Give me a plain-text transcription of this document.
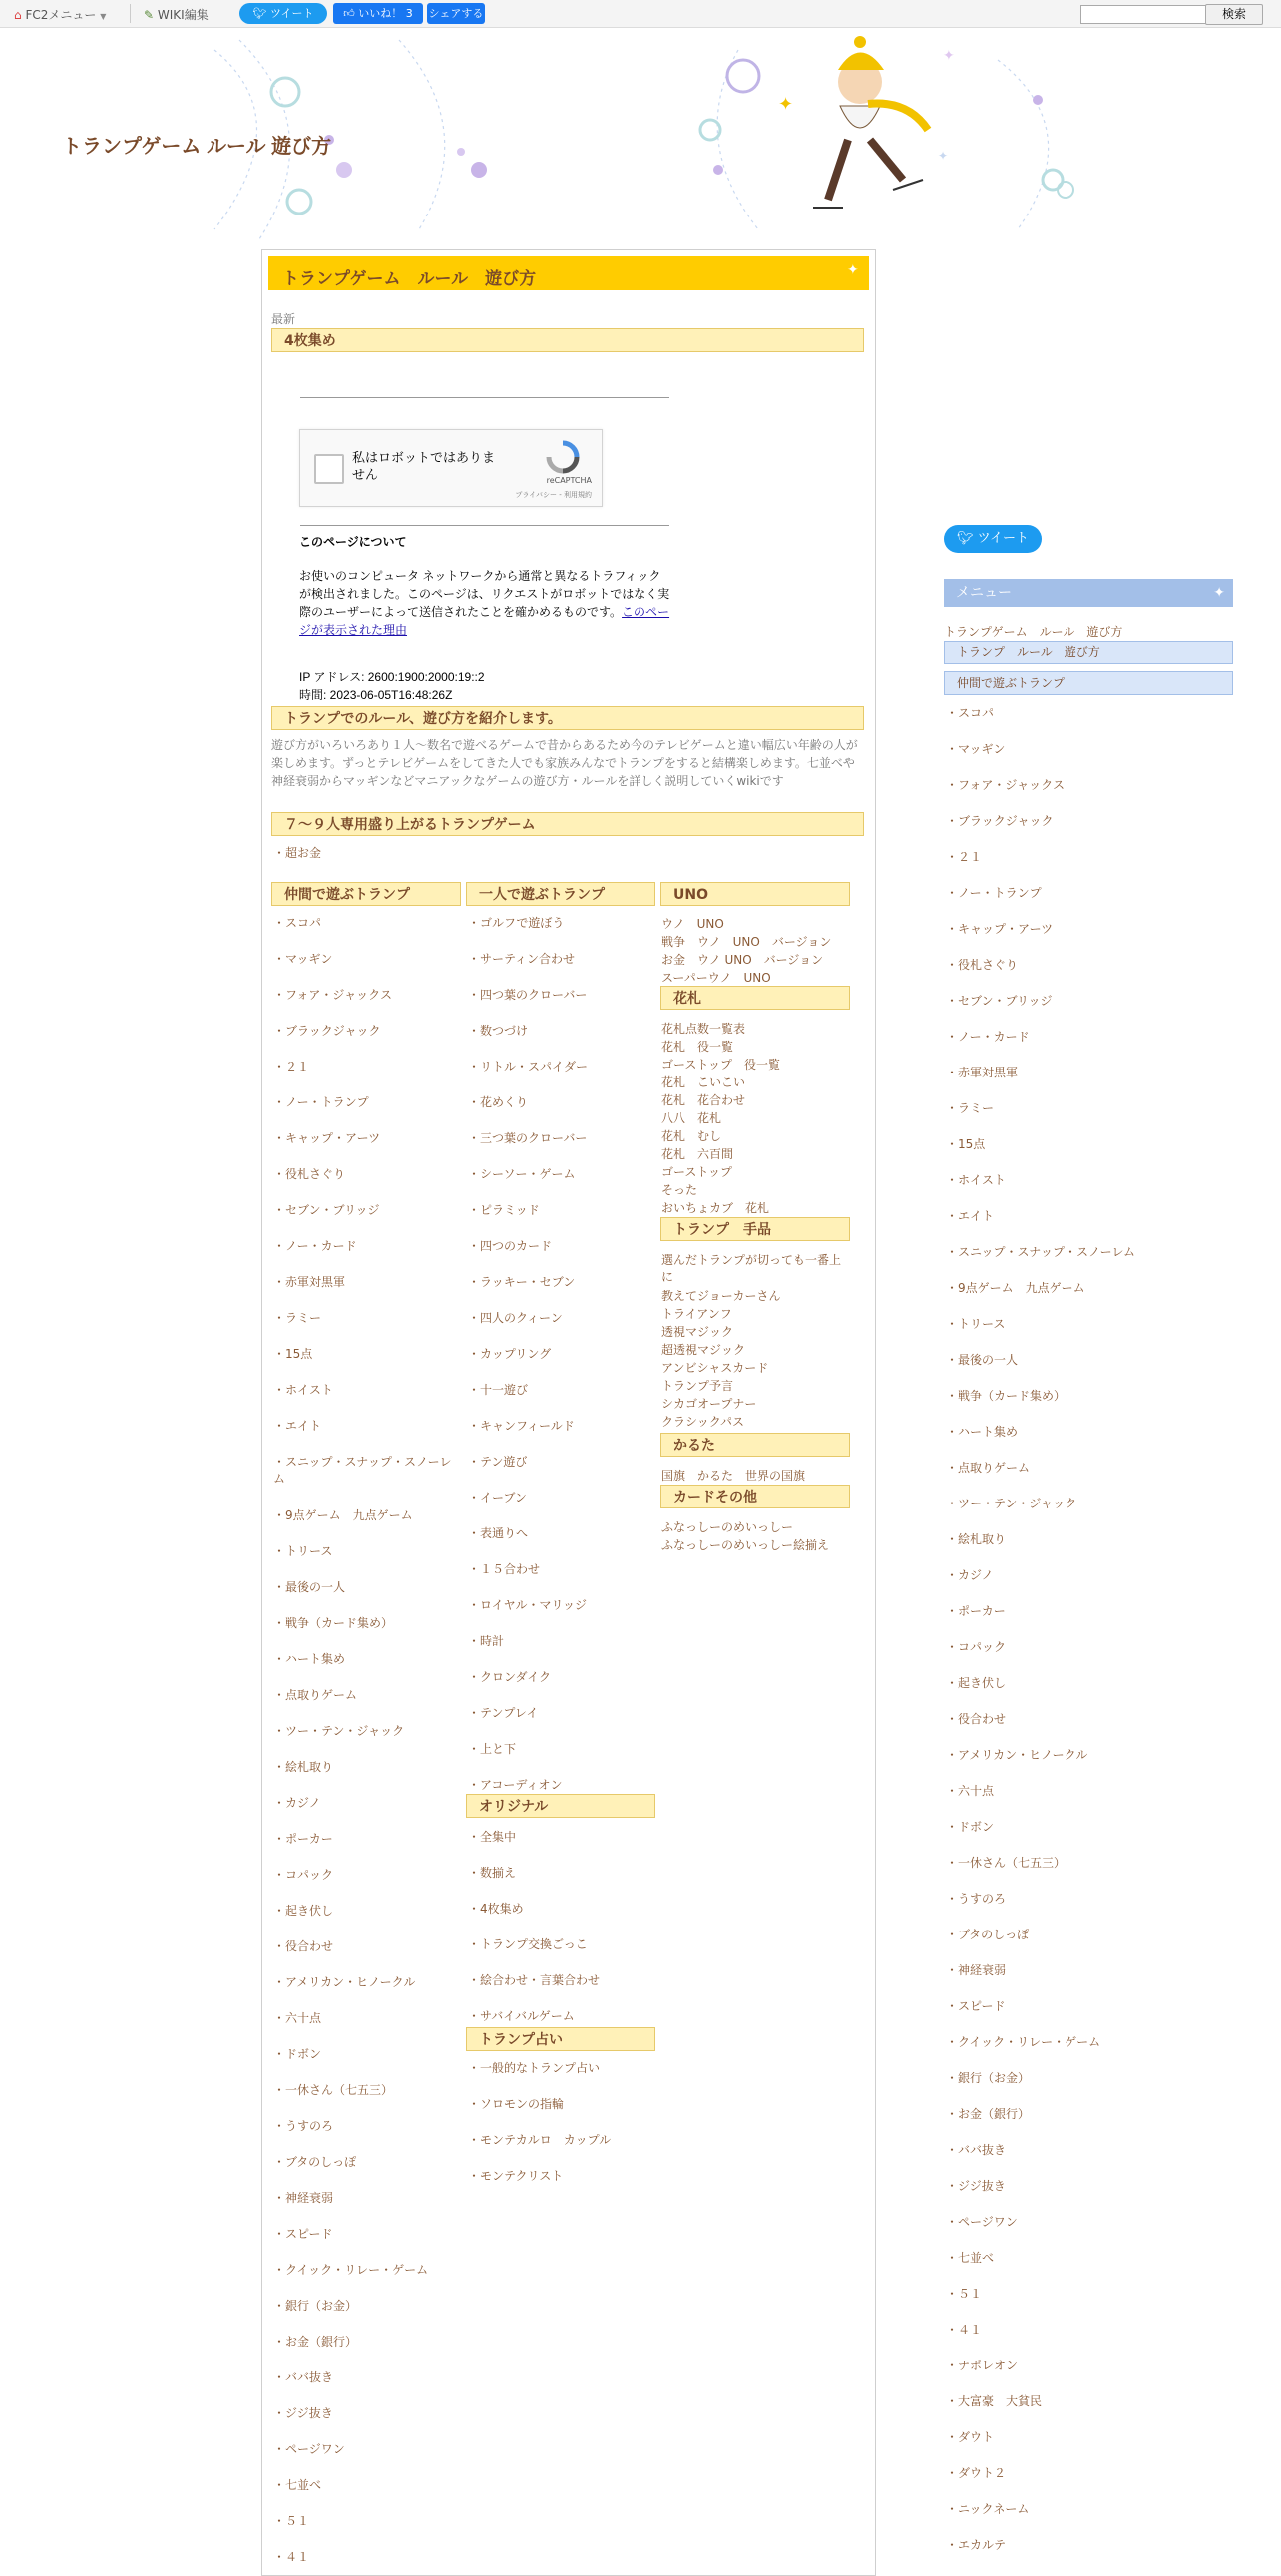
⌂ FC2メニュー ▼	✎ WIKI編集	🐦︎ ツイート	👍︎ いいね！ 3	シェアする	検索
✦
✦
✦
トランプゲーム ルール 遊び方
トランプゲーム　ルール　遊び方	✦
最新
4枚集め
私はロボットではありません	reCAPTCHA
プライバシー - 利用規約
このページについて
お使いのコンピュータ ネットワークから通常と異なるトラフィックが検出されました。このページは、リクエストがロボットではなく実際のユーザーによって送信されたことを確かめるものです。このページが表示された理由
IP アドレス: 2600:1900:2000:19::2
時間: 2023-06-05T16:48:26Z
トランプでのルール、遊び方を紹介します。
遊び方がいろいろあり１人～数名で遊べるゲームで昔からあるため今のテレビゲームと違い幅広い年齢の人が楽しめます。ずっとテレビゲームをしてきた人でも家族みんなでトランプをすると結構楽しめます。七並べや神経衰弱からマッギンなどマニアックなゲームの遊び方・ルールを詳しく説明していくwikiです
７～９人専用盛り上がるトランプゲーム
・超お金
仲間で遊ぶトランプ	一人で遊ぶトランプ	UNO
・スコパ
・マッギン
・フォア・ジャックス
・ブラックジャック
・２１
・ノー・トランプ
・キャップ・アーツ
・役札さぐり
・セブン・ブリッジ
・ノー・カード
・赤軍対黒軍
・ラミー
・15点
・ホイスト
・エイト
・スニップ・スナップ・スノーレム
・9点ゲーム　九点ゲーム
・トリース
・最後の一人
・戦争（カード集め）
・ハート集め
・点取りゲーム
・ツー・テン・ジャック
・絵札取り
・カジノ
・ポーカー
・コパック
・起き伏し
・役合わせ
・アメリカン・ヒノークル
・六十点
・ドボン
・一休さん（七五三）
・うすのろ
・ブタのしっぽ
・神経衰弱
・スピード
・クイック・リレー・ゲーム
・銀行（お金）
・お金（銀行）
・ババ抜き
・ジジ抜き
・ページワン
・七並べ
・５１
・４１
・ゴルフで遊ぼう
・サーティン合わせ
・四つ葉のクローバー
・数つづけ
・リトル・スパイダー
・花めくり
・三つ葉のクローバー
・シーソー・ゲーム
・ピラミッド
・四つのカード
・ラッキー・セブン
・四人のクィーン
・カップリング
・十一遊び
・キャンフィールド
・テン遊び
・イーブン
・表通りへ
・１５合わせ
・ロイヤル・マリッジ
・時計
・クロンダイク
・テンプレイ
・上と下
・アコーディオン
オリジナル
・全集中
・数揃え
・4枚集め
・トランプ交換ごっこ
・絵合わせ・言葉合わせ
・サバイバルゲーム
トランプ占い
・一般的なトランプ占い
・ソロモンの指輪
・モンテカルロ　カップル
・モンテクリスト
ウノ　UNO
戦争　ウノ　UNO　バージョン
お金　ウノ UNO　バージョン
スーパーウノ　UNO
花札
花札点数一覧表
花札　役一覧
ゴーストップ　役一覧
花札　こいこい
花札　花合わせ
八八　花札
花札　むし
花札　六百間
ゴーストップ
そった
おいちょカブ　花札
トランプ　手品
選んだトランプが切っても一番上に
教えてジョーカーさん
トライアンフ
透視マジック
超透視マジック
アンビシャスカード
トランプ予言
シカゴオープナー
クラシックパス
かるた
国旗　かるた　世界の国旗
カードその他
ふなっしーのめいっしー
ふなっしーのめいっしー絵揃え
🐦︎ ツイート
メニュー	✦
トランプゲーム　ルール　遊び方
トランプ　ルール　遊び方
仲間で遊ぶトランプ
・スコパ
・マッギン
・フォア・ジャックス
・ブラックジャック
・２１
・ノー・トランプ
・キャップ・アーツ
・役札さぐり
・セブン・ブリッジ
・ノー・カード
・赤軍対黒軍
・ラミー
・15点
・ホイスト
・エイト
・スニップ・スナップ・スノーレム
・9点ゲーム　九点ゲーム
・トリース
・最後の一人
・戦争（カード集め）
・ハート集め
・点取りゲーム
・ツー・テン・ジャック
・絵札取り
・カジノ
・ポーカー
・コパック
・起き伏し
・役合わせ
・アメリカン・ヒノークル
・六十点
・ドボン
・一休さん（七五三）
・うすのろ
・ブタのしっぽ
・神経衰弱
・スピード
・クイック・リレー・ゲーム
・銀行（お金）
・お金（銀行）
・ババ抜き
・ジジ抜き
・ページワン
・七並べ
・５１
・４１
・ナポレオン
・大富豪　大貧民
・ダウト
・ダウト２
・ニックネーム
・エカルテ
